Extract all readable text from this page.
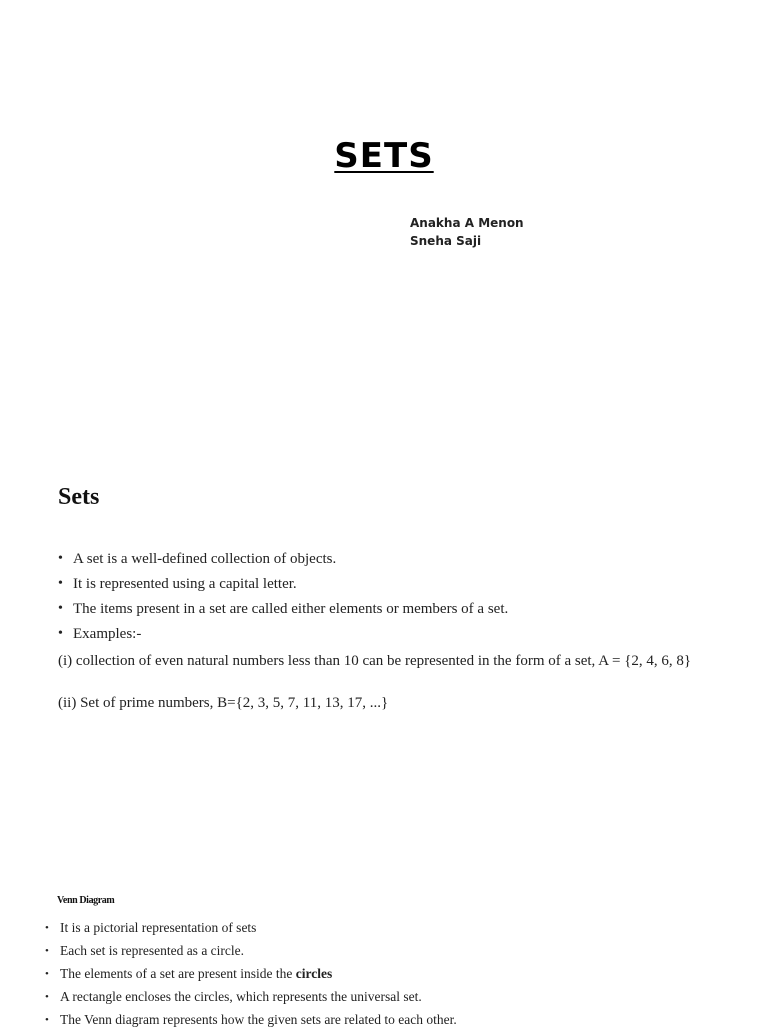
SETS
Anakha A Menon
Sneha Saji
Sets
• A set is a well-defined collection of objects.
• It is represented using a capital letter.
• The items present in a set are called either elements or members of a set.
• Examples:-
(i) collection of even natural numbers less than 10 can be represented in the form of a set, A = {2, 4, 6, 8}
(ii) Set of prime numbers, B={2, 3, 5, 7, 11, 13, 17, ...}
Venn Diagram
• It is a pictorial representation of sets
• Each set is represented as a circle.
• The elements of a set are present inside the circles
• A rectangle encloses the circles, which represents the universal set.
• The Venn diagram represents how the given sets are related to each other.
